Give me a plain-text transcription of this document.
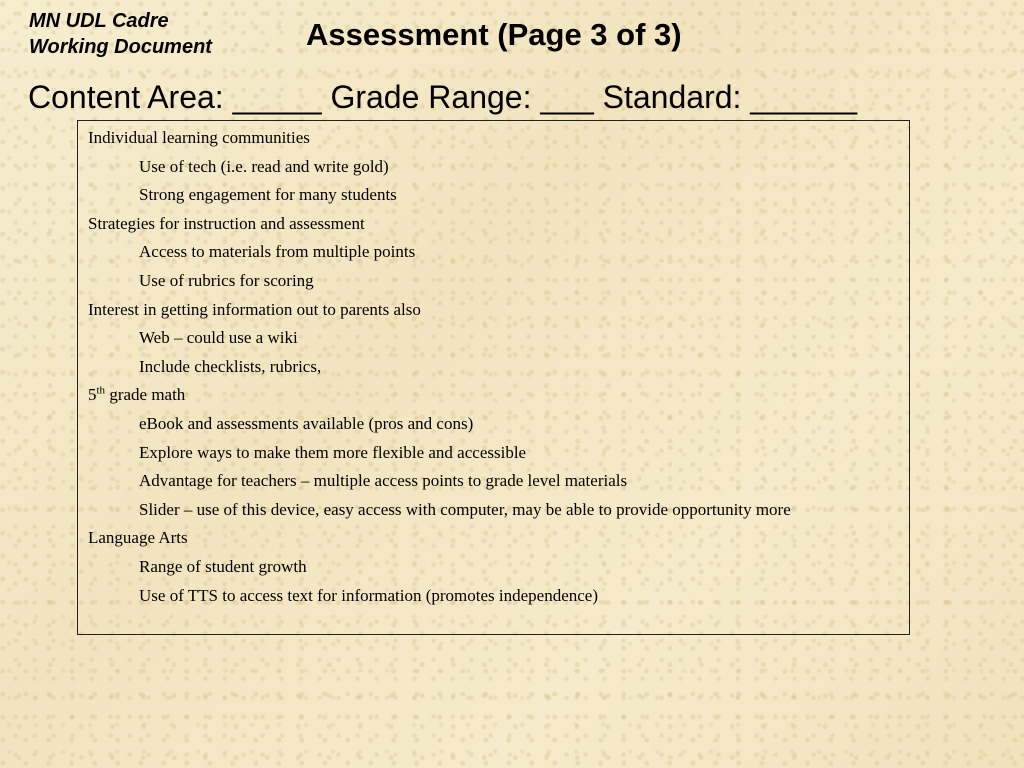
MN UDL Cadre
Working Document	Assessment (Page 3 of 3)
Content Area: _____ Grade Range: ___ Standard: ______
Individual learning communities
Use of tech (i.e. read and write gold)
Strong engagement for many students
Strategies for instruction and assessment
Access to materials from multiple points
Use of rubrics for scoring
Interest in getting information out to parents also
Web – could use a wiki
Include checklists, rubrics,
5th grade math
eBook and assessments available (pros and cons)
Explore ways to make them more flexible and accessible
Advantage for teachers – multiple access points to grade level materials
Slider – use of this device, easy access with computer, may be able to provide opportunity more
Language Arts
Range of student growth
Use of TTS to access text for information (promotes independence)
